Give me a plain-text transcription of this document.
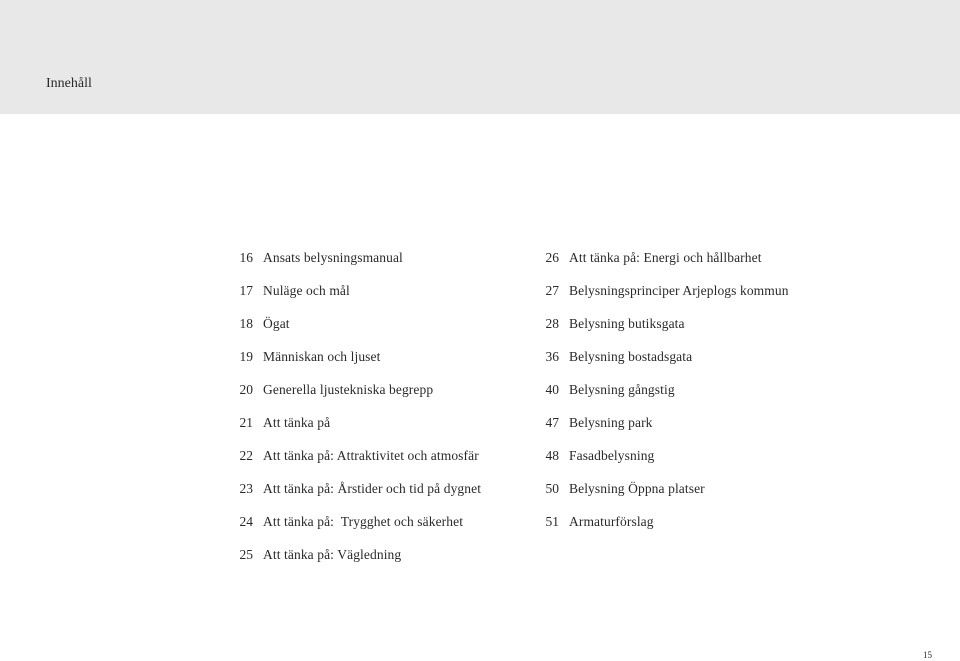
Innehåll
16 Ansats belysningsmanual
17 Nuläge och mål
18 Ögat
19 Människan och ljuset
20 Generella ljustekniska begrepp
21 Att tänka på
22 Att tänka på: Attraktivitet och atmosfär
23 Att tänka på: Årstider och tid på dygnet
24 Att tänka på:  Trygghet och säkerhet
25 Att tänka på: Vägledning
26 Att tänka på: Energi och hållbarhet
27 Belysningsprinciper Arjeplogs kommun
28 Belysning butiksgata
36 Belysning bostadsgata
40 Belysning gångstig
47 Belysning park
48 Fasadbelysning
50 Belysning Öppna platser
51 Armaturförslag
15
